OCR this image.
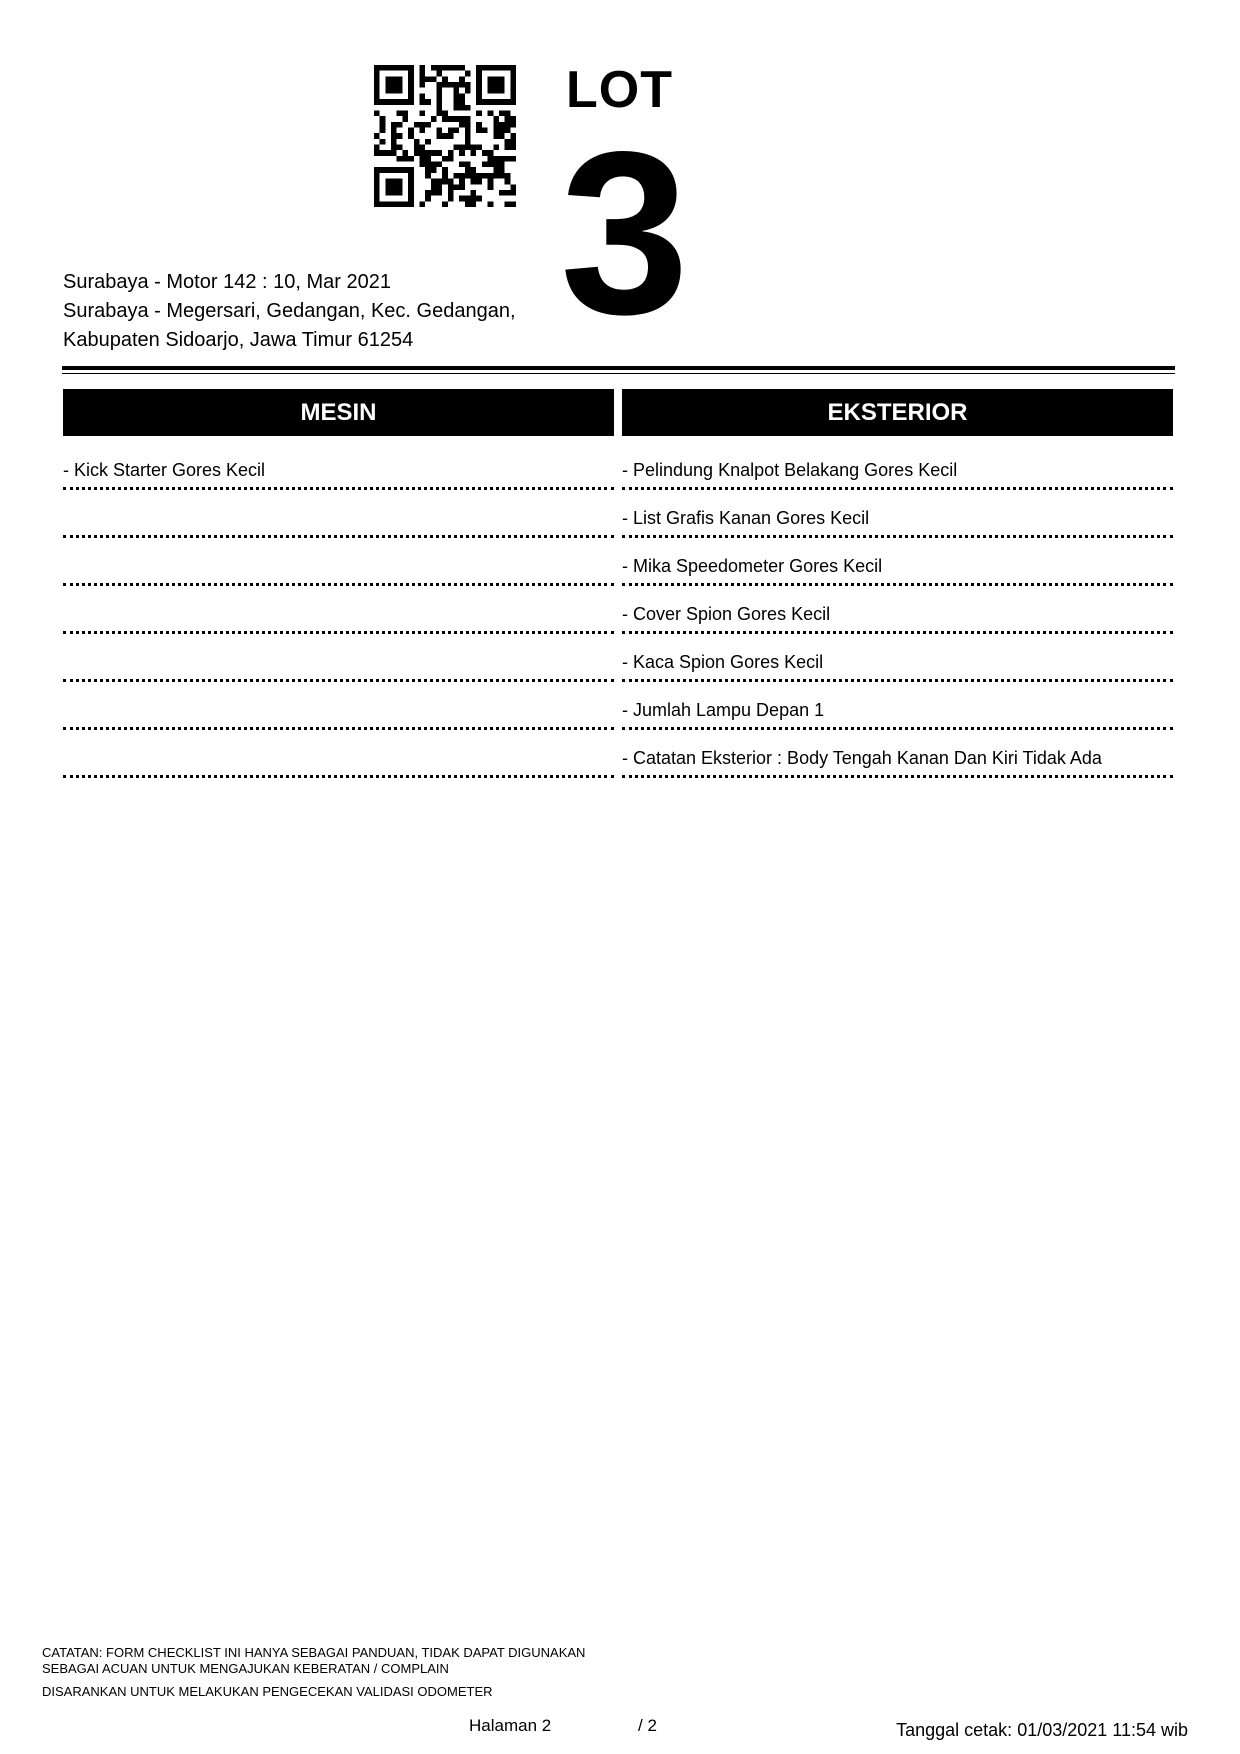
LOT
3
Surabaya - Motor 142 : 10, Mar 2021
Surabaya - Megersari, Gedangan, Kec. Gedangan,
Kabupaten Sidoarjo, Jawa Timur 61254
MESIN
- Kick Starter Gores Kecil
EKSTERIOR
- Pelindung Knalpot Belakang Gores Kecil
- List Grafis Kanan Gores Kecil
- Mika Speedometer Gores Kecil
- Cover Spion Gores Kecil
- Kaca Spion Gores Kecil
- Jumlah Lampu Depan 1
- Catatan Eksterior : Body Tengah Kanan Dan Kiri Tidak Ada
CATATAN: FORM CHECKLIST INI HANYA SEBAGAI PANDUAN, TIDAK DAPAT DIGUNAKAN
SEBAGAI ACUAN UNTUK MENGAJUKAN KEBERATAN / COMPLAIN
DISARANKAN UNTUK MELAKUKAN PENGECEKAN VALIDASI ODOMETER
Halaman 2	/ 2	Tanggal cetak: 01/03/2021 11:54 wib
